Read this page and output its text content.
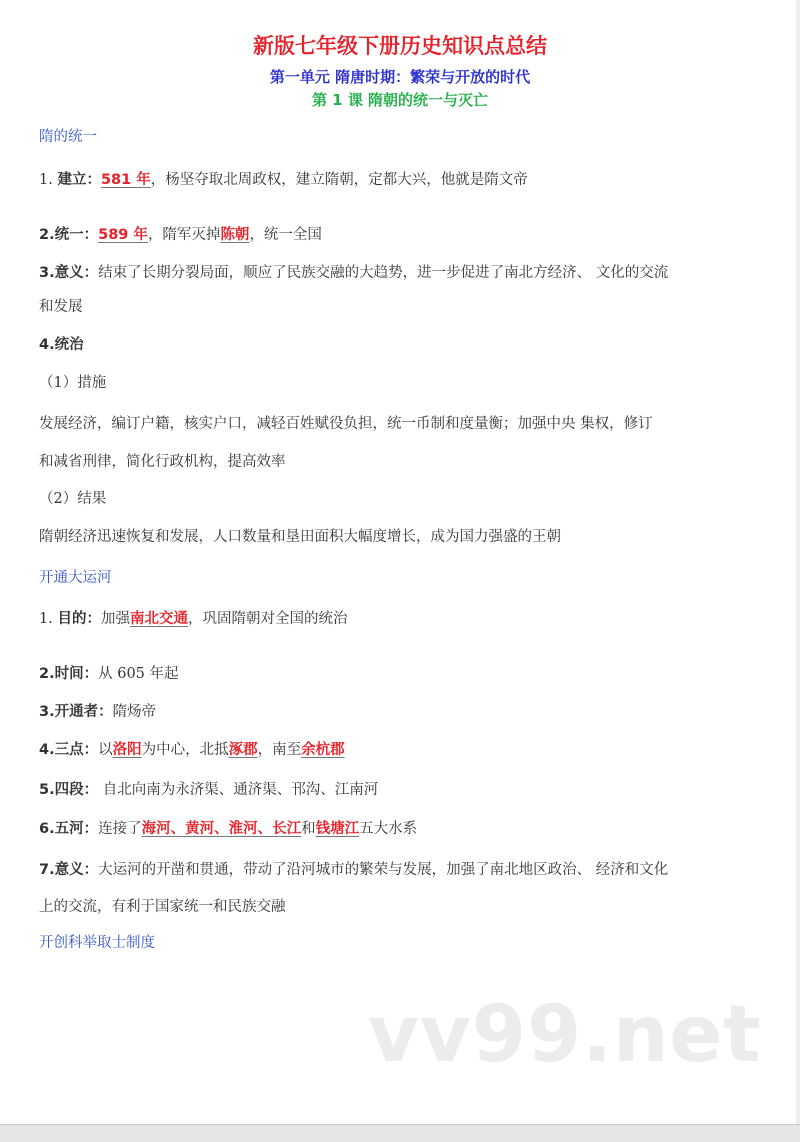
新版七年级下册历史知识点总结
第一单元 隋唐时期：繁荣与开放的时代
第 1 课 隋朝的统一与灭亡
隋的统一
1. 建立：581 年，杨坚夺取北周政权，建立隋朝，定都大兴，他就是隋文帝
2.统一：589 年，隋军灭掉陈朝，统一全国
3.意义：结束了长期分裂局面，顺应了民族交融的大趋势，进一步促进了南北方经济、 文化的交流
和发展
4.统治
（1）措施
发展经济，编订户籍，核实户口，减轻百姓赋役负担，统一币制和度量衡；加强中央 集权，修订
和减省刑律，简化行政机构，提高效率
（2）结果
隋朝经济迅速恢复和发展，人口数量和垦田面积大幅度增长，成为国力强盛的王朝
开通大运河
1. 目的：加强南北交通，巩固隋朝对全国的统治
2.时间：从 605 年起
3.开通者：隋炀帝
4.三点：以洛阳为中心，北抵涿郡，南至余杭郡
5.四段： 自北向南为永济渠、通济渠、邗沟、江南河
6.五河：连接了海河、黄河、淮河、长江和钱塘江五大水系
7.意义：大运河的开凿和贯通，带动了沿河城市的繁荣与发展，加强了南北地区政治、 经济和文化
上的交流，有利于国家统一和民族交融
开创科举取士制度
vv99.net
